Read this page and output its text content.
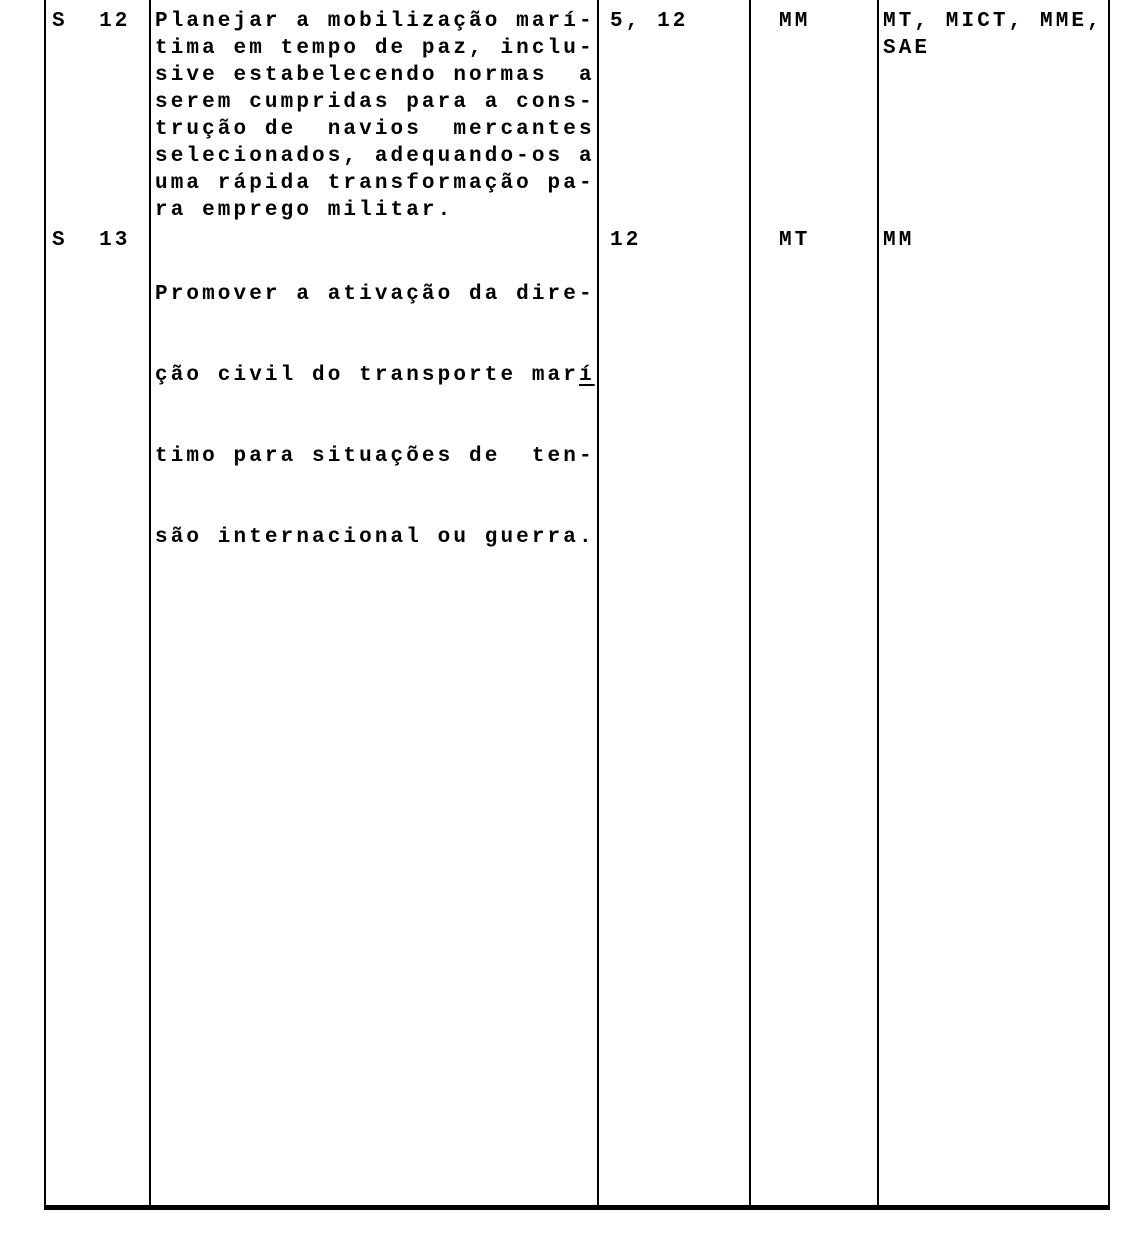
S  12
S  13
Planejar a mobilização marí-
tima em tempo de paz, inclu-
sive estabelecendo normas  a
serem cumpridas para a cons-
trução de  navios  mercantes
selecionados, adequando-os a
uma rápida transformação pa-
ra emprego militar.

Promover a ativação da dire-

ção civil do transporte marí

timo para situações de  ten-

são internacional ou guerra.

5, 12
12
MM
MT
MT, MICT, MME,
SAE
MM
